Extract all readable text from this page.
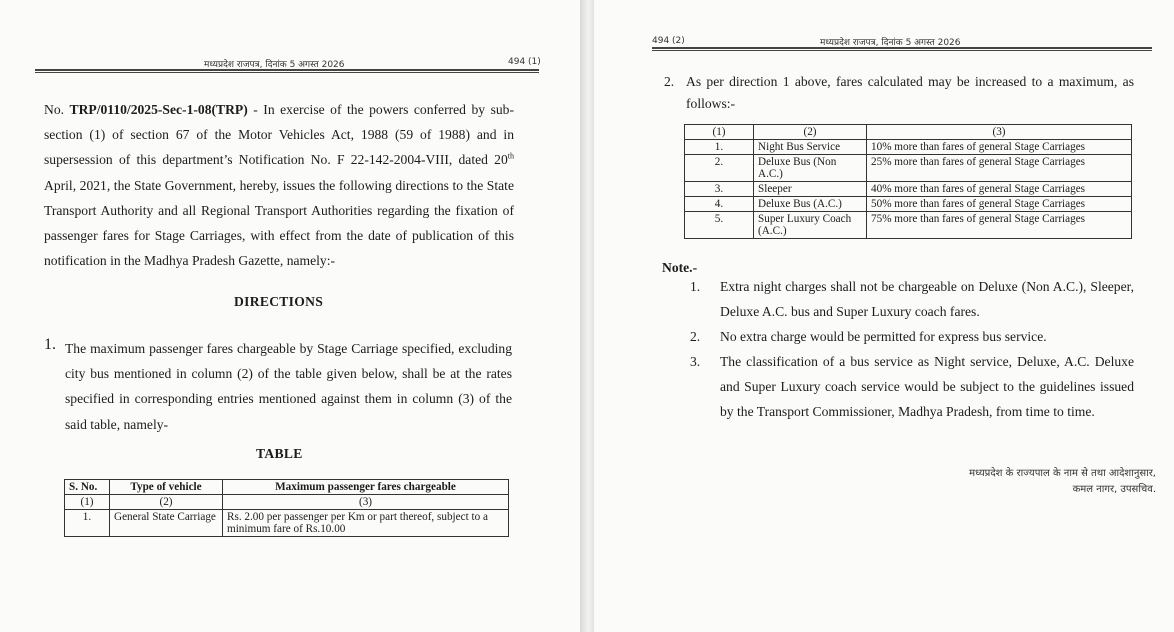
मध्यप्रदेश राजपत्र, दिनांक 5 अगस्त 2026	494 (1)

No. TRP/0110/2025-Sec-1-08(TRP) - In exercise of the powers conferred by sub-section (1) of section 67 of the Motor Vehicles Act, 1988 (59 of 1988) and in supersession of this department’s Notification No. F 22-142-2004-VIII, dated 20th April, 2021, the State Government, hereby, issues the following directions to the State Transport Authority and all Regional Transport Authorities regarding the fixation of passenger fares for Stage Carriages, with effect from the date of publication of this notification in the Madhya Pradesh Gazette, namely:-

DIRECTIONS
1. The maximum passenger fares chargeable by Stage Carriage specified, excluding city bus mentioned in column (2) of the table given below, shall be at the rates specified in corresponding entries mentioned against them in column (3) of the said table, namely-

TABLE
S. No.	Type of vehicle	Maximum passenger fares chargeable
(1)	(2)	(3)
1.	General State Carriage	Rs. 2.00 per passenger per Km or part thereof, subject to a minimum fare of Rs.10.00
494 (2)	मध्यप्रदेश राजपत्र, दिनांक 5 अगस्त 2026
2. As per direction 1 above, fares calculated may be increased to a maximum, as follows:-

(1)	(2)	(3)
1.	Night Bus Service	10% more than fares of general Stage Carriages
2.	Deluxe Bus (Non A.C.)	25% more than fares of general Stage Carriages
3.	Sleeper	40% more than fares of general Stage Carriages
4.	Deluxe Bus (A.C.)	50% more than fares of general Stage Carriages
5.	Super Luxury Coach (A.C.)	75% more than fares of general Stage Carriages
Note.-
1. Extra night charges shall not be chargeable on Deluxe (Non A.C.), Sleeper, Deluxe A.C. bus and Super Luxury coach fares.
2. No extra charge would be permitted for express bus service.
3. The classification of a bus service as Night service, Deluxe, A.C. Deluxe and Super Luxury coach service would be subject to the guidelines issued by the Transport Commissioner, Madhya Pradesh, from time to time.
मध्यप्रदेश के राज्यपाल के नाम से तथा आदेशानुसार,
कमल नागर, उपसचिव.
